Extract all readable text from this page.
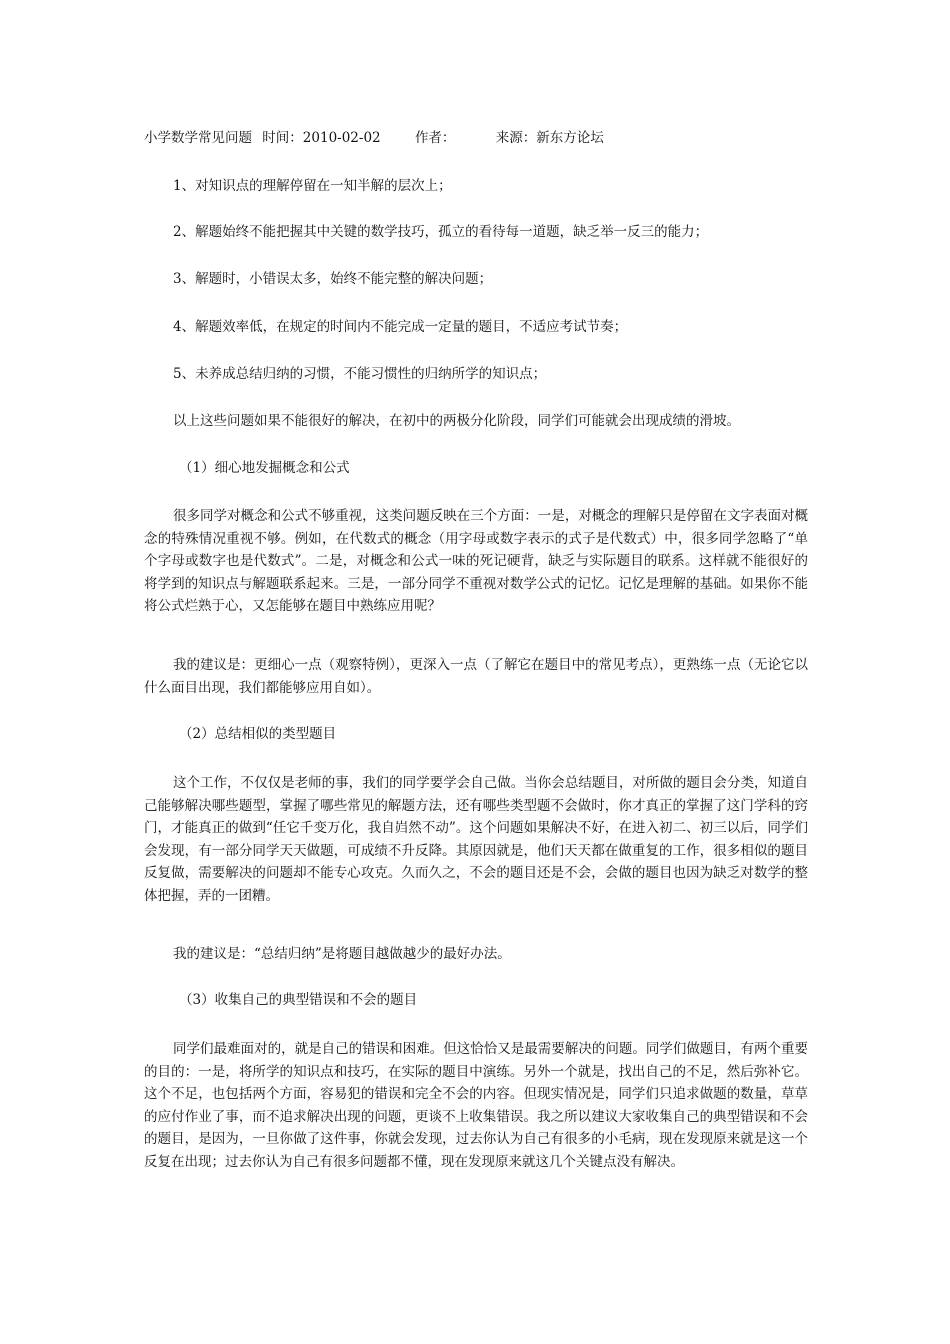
小学数学常见问题 时间：2010-02-02	作者：	来源：新东方论坛
1、对知识点的理解停留在一知半解的层次上；
2、解题始终不能把握其中关键的数学技巧，孤立的看待每一道题，缺乏举一反三的能力；
3、解题时，小错误太多，始终不能完整的解决问题；
4、解题效率低，在规定的时间内不能完成一定量的题目，不适应考试节奏；
5、未养成总结归纳的习惯，不能习惯性的归纳所学的知识点；
以上这些问题如果不能很好的解决，在初中的两极分化阶段，同学们可能就会出现成绩的滑坡。
（1）细心地发掘概念和公式
很多同学对概念和公式不够重视，这类问题反映在三个方面：一是，对概念的理解只是停留在文字表面对概念的特殊情况重视不够。例如，在代数式的概念（用字母或数字表示的式子是代数式）中，很多同学忽略了“单个字母或数字也是代数式”。二是，对概念和公式一味的死记硬背，缺乏与实际题目的联系。这样就不能很好的将学到的知识点与解题联系起来。三是，一部分同学不重视对数学公式的记忆。记忆是理解的基础。如果你不能将公式烂熟于心，又怎能够在题目中熟练应用呢？
我的建议是：更细心一点（观察特例），更深入一点（了解它在题目中的常见考点），更熟练一点（无论它以什么面目出现，我们都能够应用自如）。
（2）总结相似的类型题目
这个工作，不仅仅是老师的事，我们的同学要学会自己做。当你会总结题目，对所做的题目会分类，知道自己能够解决哪些题型，掌握了哪些常见的解题方法，还有哪些类型题不会做时，你才真正的掌握了这门学科的窍门，才能真正的做到“任它千变万化，我自岿然不动”。这个问题如果解决不好，在进入初二、初三以后，同学们会发现，有一部分同学天天做题，可成绩不升反降。其原因就是，他们天天都在做重复的工作，很多相似的题目反复做，需要解决的问题却不能专心攻克。久而久之，不会的题目还是不会，会做的题目也因为缺乏对数学的整体把握，弄的一团糟。
我的建议是：“总结归纳”是将题目越做越少的最好办法。
（3）收集自己的典型错误和不会的题目
同学们最难面对的，就是自己的错误和困难。但这恰恰又是最需要解决的问题。同学们做题目，有两个重要的目的：一是，将所学的知识点和技巧，在实际的题目中演练。另外一个就是，找出自己的不足，然后弥补它。这个不足，也包括两个方面，容易犯的错误和完全不会的内容。但现实情况是，同学们只追求做题的数量，草草的应付作业了事，而不追求解决出现的问题，更谈不上收集错误。我之所以建议大家收集自己的典型错误和不会的题目，是因为，一旦你做了这件事，你就会发现，过去你认为自己有很多的小毛病，现在发现原来就是这一个反复在出现；过去你认为自己有很多问题都不懂，现在发现原来就这几个关键点没有解决。
